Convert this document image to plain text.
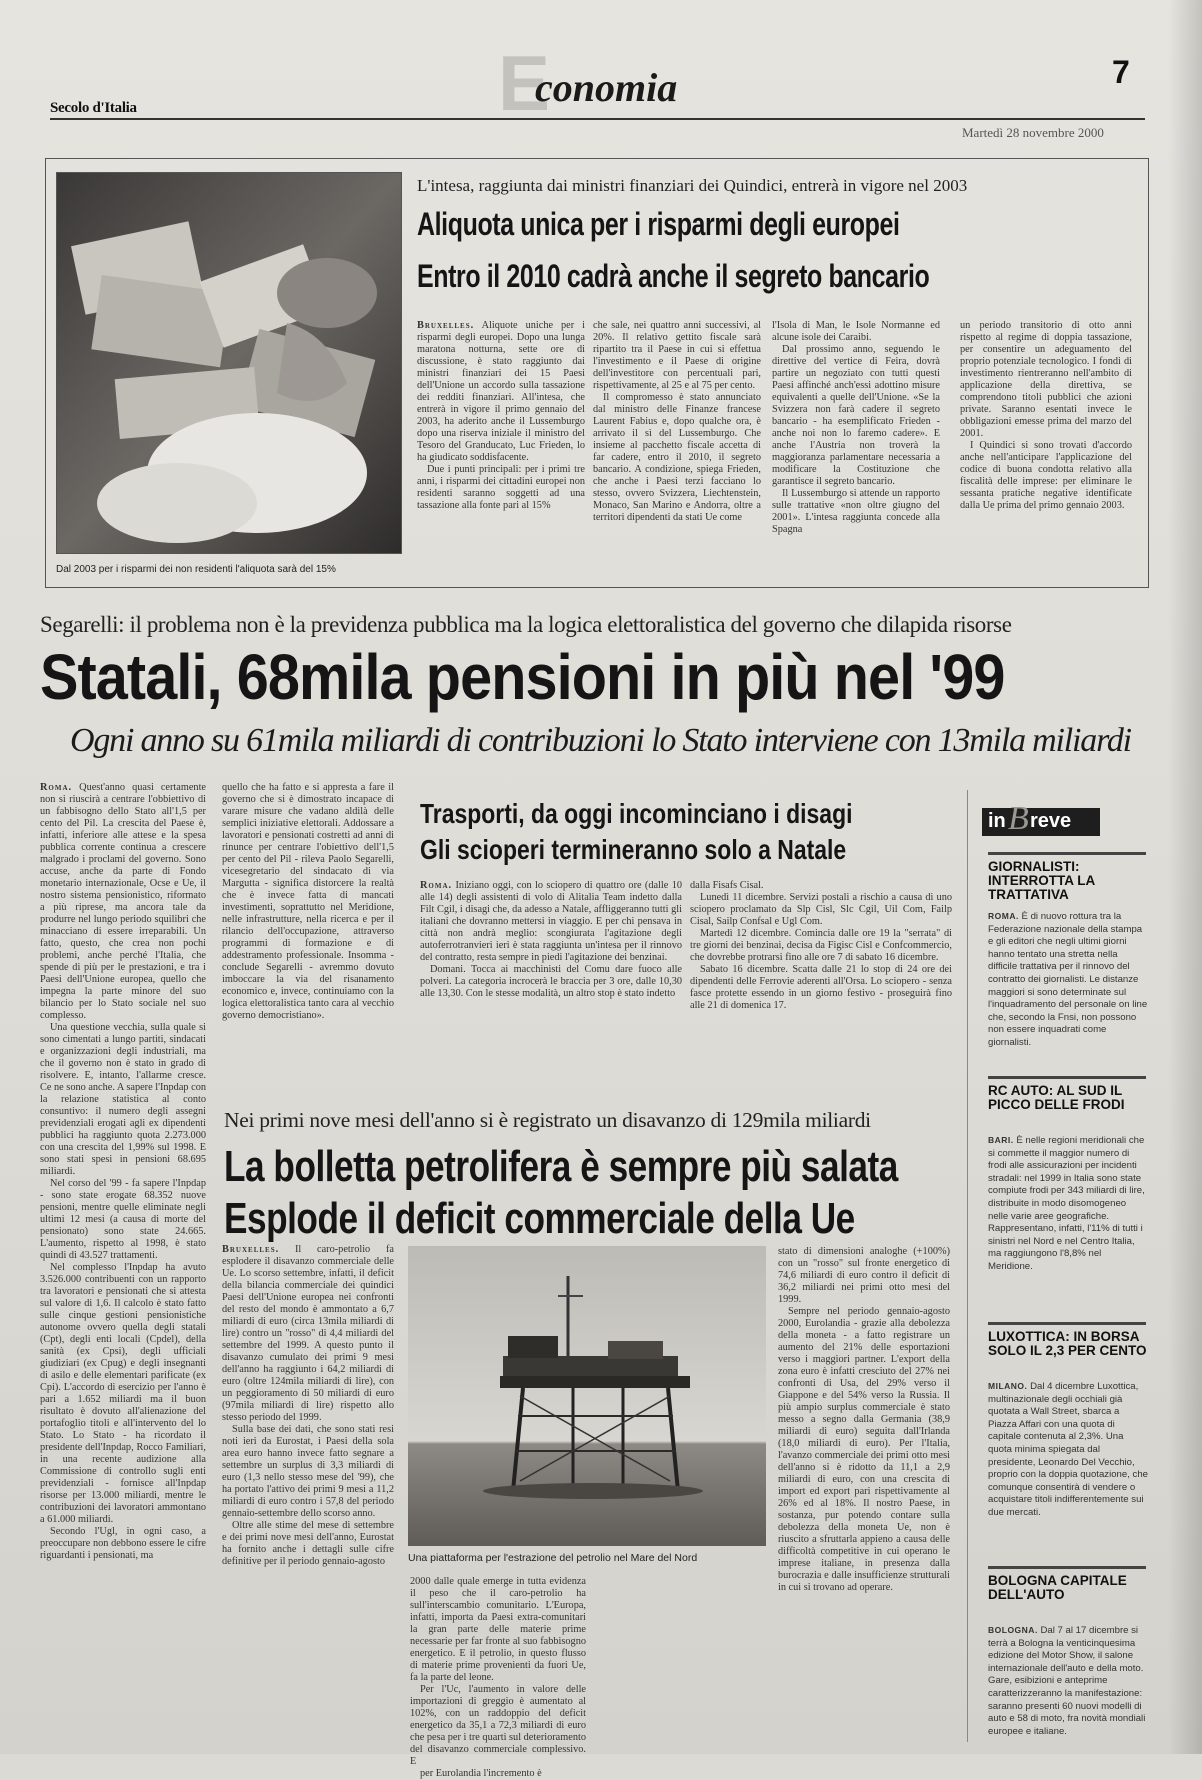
Secolo d'Italia	E
conomia	7
Martedì 28 novembre 2000
Dal 2003 per i risparmi dei non residenti l'aliquota sarà del 15%
L'intesa, raggiunta dai ministri finanziari dei Quindici, entrerà in vigore nel 2003
Aliquota unica per i risparmi degli europei
Entro il 2010 cadrà anche il segreto bancario

Bruxelles. Aliquote uniche per i risparmi degli europei. Dopo una lunga maratona notturna, sette ore di discussione, è stato raggiunto dai ministri finanziari dei 15 Paesi dell'Unione un accordo sulla tassazione dei redditi finanziari. All'intesa, che entrerà in vigore il primo gennaio del 2003, ha aderito anche il Lussemburgo dopo una riserva iniziale il ministro del Tesoro del Granducato, Luc Frieden, lo ha giudicato soddisfacente.

Due i punti principali: per i primi tre anni, i risparmi dei cittadini europei non residenti saranno soggetti ad una tassazione alla fonte pari al 15%

che sale, nei quattro anni successivi, al 20%. Il relativo gettito fiscale sarà ripartito tra il Paese in cui si effettua l'investimento e il Paese di origine dell'investitore con percentuali pari, rispettivamente, al 25 e al 75 per cento.

Il compromesso è stato annunciato dal ministro delle Finanze francese Laurent Fabius e, dopo qualche ora, è arrivato il sì del Lussemburgo. Che insieme al pacchetto fiscale accetta di far cadere, entro il 2010, il segreto bancario. A condizione, spiega Frieden, che anche i Paesi terzi facciano lo stesso, ovvero Svizzera, Liechtenstein, Monaco, San Marino e Andorra, oltre a territori dipendenti da stati Ue come

l'Isola di Man, le Isole Normanne ed alcune isole dei Caraibi.

Dal prossimo anno, seguendo le direttive del vertice di Feira, dovrà partire un negoziato con tutti questi Paesi affinché anch'essi adottino misure equivalenti a quelle dell'Unione. «Se la Svizzera non farà cadere il segreto bancario - ha esemplificato Frieden - anche noi non lo faremo cadere». E anche l'Austria non troverà la maggioranza parlamentare necessaria a modificare la Costituzione che garantisce il segreto bancario.

Il Lussemburgo si attende un rapporto sulle trattative «non oltre giugno del 2001». L'intesa raggiunta concede alla Spagna

un periodo transitorio di otto anni rispetto al regime di doppia tassazione, per consentire un adeguamento del proprio potenziale tecnologico. I fondi di investimento rientreranno nell'ambito di applicazione della direttiva, se comprendono titoli pubblici che azioni private. Saranno esentati invece le obbligazioni emesse prima del marzo del 2001.

I Quindici si sono trovati d'accordo anche nell'anticipare l'applicazione del codice di buona condotta relativo alla fiscalità delle imprese: per eliminare le sessanta pratiche negative identificate dalla Ue prima del primo gennaio 2003.

Segarelli: il problema non è la previdenza pubblica ma la logica elettoralistica del governo che dilapida risorse
Statali, 68mila pensioni in più nel '99
Ogni anno su 61mila miliardi di contribuzioni lo Stato interviene con 13mila miliardi

Roma. Quest'anno quasi certamente non si riuscirà a centrare l'obbiettivo di un fabbisogno dello Stato all'1,5 per cento del Pil. La crescita del Paese è, infatti, inferiore alle attese e la spesa pubblica corrente continua a crescere malgrado i proclami del governo. Sono accuse, anche da parte di Fondo monetario internazionale, Ocse e Ue, il nostro sistema pensionistico, riformato a più riprese, ma ancora tale da produrre nel lungo periodo squilibri che minacciano di essere irreparabili. Un fatto, questo, che crea non pochi problemi, anche perché l'Italia, che spende di più per le prestazioni, e tra i Paesi dell'Unione europea, quello che impegna la parte minore del suo bilancio per lo Stato sociale nel suo complesso.

Una questione vecchia, sulla quale si sono cimentati a lungo partiti, sindacati e organizzazioni degli industriali, ma che il governo non è stato in grado di risolvere. E, intanto, l'allarme cresce. Ce ne sono anche. A sapere l'Inpdap con la relazione statistica al conto consuntivo: il numero degli assegni previdenziali erogati agli ex dipendenti pubblici ha raggiunto quota 2.273.000 con una crescita del 1,99% sul 1998. E sono stati spesi in pensioni 68.695 miliardi.

Nel corso del '99 - fa sapere l'Inpdap - sono state erogate 68.352 nuove pensioni, mentre quelle eliminate negli ultimi 12 mesi (a causa di morte del pensionato) sono state 24.665. L'aumento, rispetto al 1998, è stato quindi di 43.527 trattamenti.

Nel complesso l'Inpdap ha avuto 3.526.000 contribuenti con un rapporto tra lavoratori e pensionati che si attesta sul valore di 1,6. Il calcolo è stato fatto sulle cinque gestioni pensionistiche autonome ovvero quella degli statali (Cpt), degli enti locali (Cpdel), della sanità (ex Cpsi), degli ufficiali giudiziari (ex Cpug) e degli insegnanti di asilo e delle elementari parificate (ex Cpi). L'accordo di esercizio per l'anno è pari a 1.652 miliardi ma il buon risultato è dovuto all'alienazione del portafoglio titoli e all'intervento del lo Stato. Lo Stato - ha ricordato il presidente dell'Inpdap, Rocco Familiari, in una recente audizione alla Commissione di controllo sugli enti previdenziali - fornisce all'Inpdap risorse per 13.000 miliardi, mentre le contribuzioni dei lavoratori ammontano a 61.000 miliardi.

Secondo l'Ugl, in ogni caso, a preoccupare non debbono essere le cifre riguardanti i pensionati, ma

quello che ha fatto e si appresta a fare il governo che si è dimostrato incapace di varare misure che vadano aldilà delle semplici iniziative elettorali. Addossare a lavoratori e pensionati costretti ad anni di rinunce per centrare l'obiettivo dell'1,5 per cento del Pil - rileva Paolo Segarelli, vicesegretario del sindacato di via Margutta - significa distorcere la realtà che è invece fatta di mancati investimenti, soprattutto nel Meridione, nelle infrastrutture, nella ricerca e per il rilancio dell'occupazione, attraverso programmi di formazione e di addestramento professionale. Insomma - conclude Segarelli - avremmo dovuto imboccare la via del risanamento economico e, invece, continuiamo con la logica elettoralistica tanto cara al vecchio governo democristiano».

Trasporti, da oggi incominciano i disagi
Gli scioperi termineranno solo a Natale

Roma. Iniziano oggi, con lo sciopero di quattro ore (dalle 10 alle 14) degli assistenti di volo di Alitalia Team indetto dalla Filt Cgil, i disagi che, da adesso a Natale, affliggeranno tutti gli italiani che dovranno mettersi in viaggio. E per chi pensava in città non andrà meglio: scongiurata l'agitazione degli autoferrotranvieri ieri è stata raggiunta un'intesa per il rinnovo del contratto, resta sempre in piedi l'agitazione dei benzinai.

Domani. Tocca ai macchinisti del Comu dare fuoco alle polveri. La categoria incrocerà le braccia per 3 ore, dalle 10,30 alle 13,30. Con le stesse modalità, un altro stop è stato indetto

dalla Fisafs Cisal.

Lunedì 11 dicembre. Servizi postali a rischio a causa di uno sciopero proclamato da Slp Cisl, Slc Cgil, Uil Com, Failp Cisal, Sailp Confsal e Ugl Com.

Martedì 12 dicembre. Comincia dalle ore 19 la "serrata" di tre giorni dei benzinai, decisa da Figisc Cisl e Confcommercio, che dovrebbe protrarsi fino alle ore 7 di sabato 16 dicembre.

Sabato 16 dicembre. Scatta dalle 21 lo stop di 24 ore dei dipendenti delle Ferrovie aderenti all'Orsa. Lo sciopero - senza fasce protette essendo in un giorno festivo - proseguirà fino alle 21 di domenica 17.

Nei primi nove mesi dell'anno si è registrato un disavanzo di 129mila miliardi
La bolletta petrolifera è sempre più salata
Esplode il deficit commerciale della Ue

Bruxelles. Il caro-petrolio fa esplodere il disavanzo commerciale delle Ue. Lo scorso settembre, infatti, il deficit della bilancia commerciale dei quindici Paesi dell'Unione europea nei confronti del resto del mondo è ammontato a 6,7 miliardi di euro (circa 13mila miliardi di lire) contro un "rosso" di 4,4 miliardi del settembre del 1999. A questo punto il disavanzo cumulato dei primi 9 mesi dell'anno ha raggiunto i 64,2 miliardi di euro (oltre 124mila miliardi di lire), con un peggioramento di 50 miliardi di euro (97mila miliardi di lire) rispetto allo stesso periodo del 1999.

Sulla base dei dati, che sono stati resi noti ieri da Eurostat, i Paesi della sola area euro hanno invece fatto segnare a settembre un surplus di 3,3 miliardi di euro (1,3 nello stesso mese del '99), che ha portato l'attivo dei primi 9 mesi a 11,2 miliardi di euro contro i 57,8 del periodo gennaio-settembre dello scorso anno.

Oltre alle stime del mese di settembre e dei primi nove mesi dell'anno, Eurostat ha fornito anche i dettagli sulle cifre definitive per il periodo gennaio-agosto	Una piattaforma per l'estrazione del petrolio nel Mare del Nord

2000 dalle quale emerge in tutta evidenza il peso che il caro-petrolio ha sull'interscambio comunitario. L'Europa, infatti, importa da Paesi extra-comunitari la gran parte delle materie prime necessarie per far fronte al suo fabbisogno energetico. E il petrolio, in questo flusso di materie prime provenienti da fuori Ue, fa la parte del leone.

Per l'Uc, l'aumento in valore delle importazioni di greggio è aumentato al 102%, con un raddoppio del deficit energetico da 35,1 a 72,3 miliardi di euro che pesa per i tre quarti sul deterioramento del disavanzo commerciale complessivo. E

per Eurolandia l'incremento è

stato di dimensioni analoghe (+100%) con un "rosso" sul fronte energetico di 74,6 miliardi di euro contro il deficit di 36,2 miliardi nei primi otto mesi del 1999.

Sempre nel periodo gennaio-agosto 2000, Eurolandia - grazie alla debolezza della moneta - a fatto registrare un aumento del 21% delle esportazioni verso i maggiori partner. L'export della zona euro è infatti cresciuto del 27% nei confronti di Usa, del 29% verso il Giappone e del 54% verso la Russia. Il più ampio surplus commerciale è stato messo a segno dalla Germania (38,9 miliardi di euro) seguita dall'Irlanda (18,0 miliardi di euro). Per l'Italia, l'avanzo commerciale dei primi otto mesi dell'anno si è ridotto da 11,1 a 2,9 miliardi di euro, con una crescita di import ed export pari rispettivamente al 26% ed al 18%. Il nostro Paese, in sostanza, pur potendo contare sulla debolezza della moneta Ue, non è riuscito a sfruttarla appieno a causa delle difficoltà competitive in cui operano le imprese italiane, in presenza dalla burocrazia e dalle insufficienze strutturali in cui si trovano ad operare.

in B reve
GIORNALISTI: INTERROTTA LA TRATTATIVA
ROMA. È di nuovo rottura tra la Federazione nazionale della stampa e gli editori che negli ultimi giorni hanno tentato una stretta nella difficile trattativa per il rinnovo del contratto dei giornalisti. Le distanze maggiori si sono determinate sul l'inquadramento del personale on line che, secondo la Fnsi, non possono non essere inquadrati come giornalisti.
RC AUTO: AL SUD IL PICCO DELLE FRODI
BARI. È nelle regioni meridionali che si commette il maggior numero di frodi alle assicurazioni per incidenti stradali: nel 1999 in Italia sono state compiute frodi per 343 miliardi di lire, distribuite in modo disomogeneo nelle varie aree geografiche. Rappresentano, infatti, l'11% di tutti i sinistri nel Nord e nel Centro Italia, ma raggiungono l'8,8% nel Meridione.
LUXOTTICA: IN BORSA SOLO IL 2,3 PER CENTO
MILANO. Dal 4 dicembre Luxottica, multinazionale degli occhiali già quotata a Wall Street, sbarca a Piazza Affari con una quota di capitale contenuta al 2,3%. Una quota minima spiegata dal presidente, Leonardo Del Vecchio, proprio con la doppia quotazione, che comunque consentirà di vendere o acquistare titoli indifferentemente sui due mercati.
BOLOGNA CAPITALE DELL'AUTO
BOLOGNA. Dal 7 al 17 dicembre si terrà a Bologna la venticinquesima edizione del Motor Show, il salone internazionale dell'auto e della moto. Gare, esibizioni e anteprime caratterizzeranno la manifestazione: saranno presenti 60 nuovi modelli di auto e 58 di moto, fra novità mondiali europee e italiane.
